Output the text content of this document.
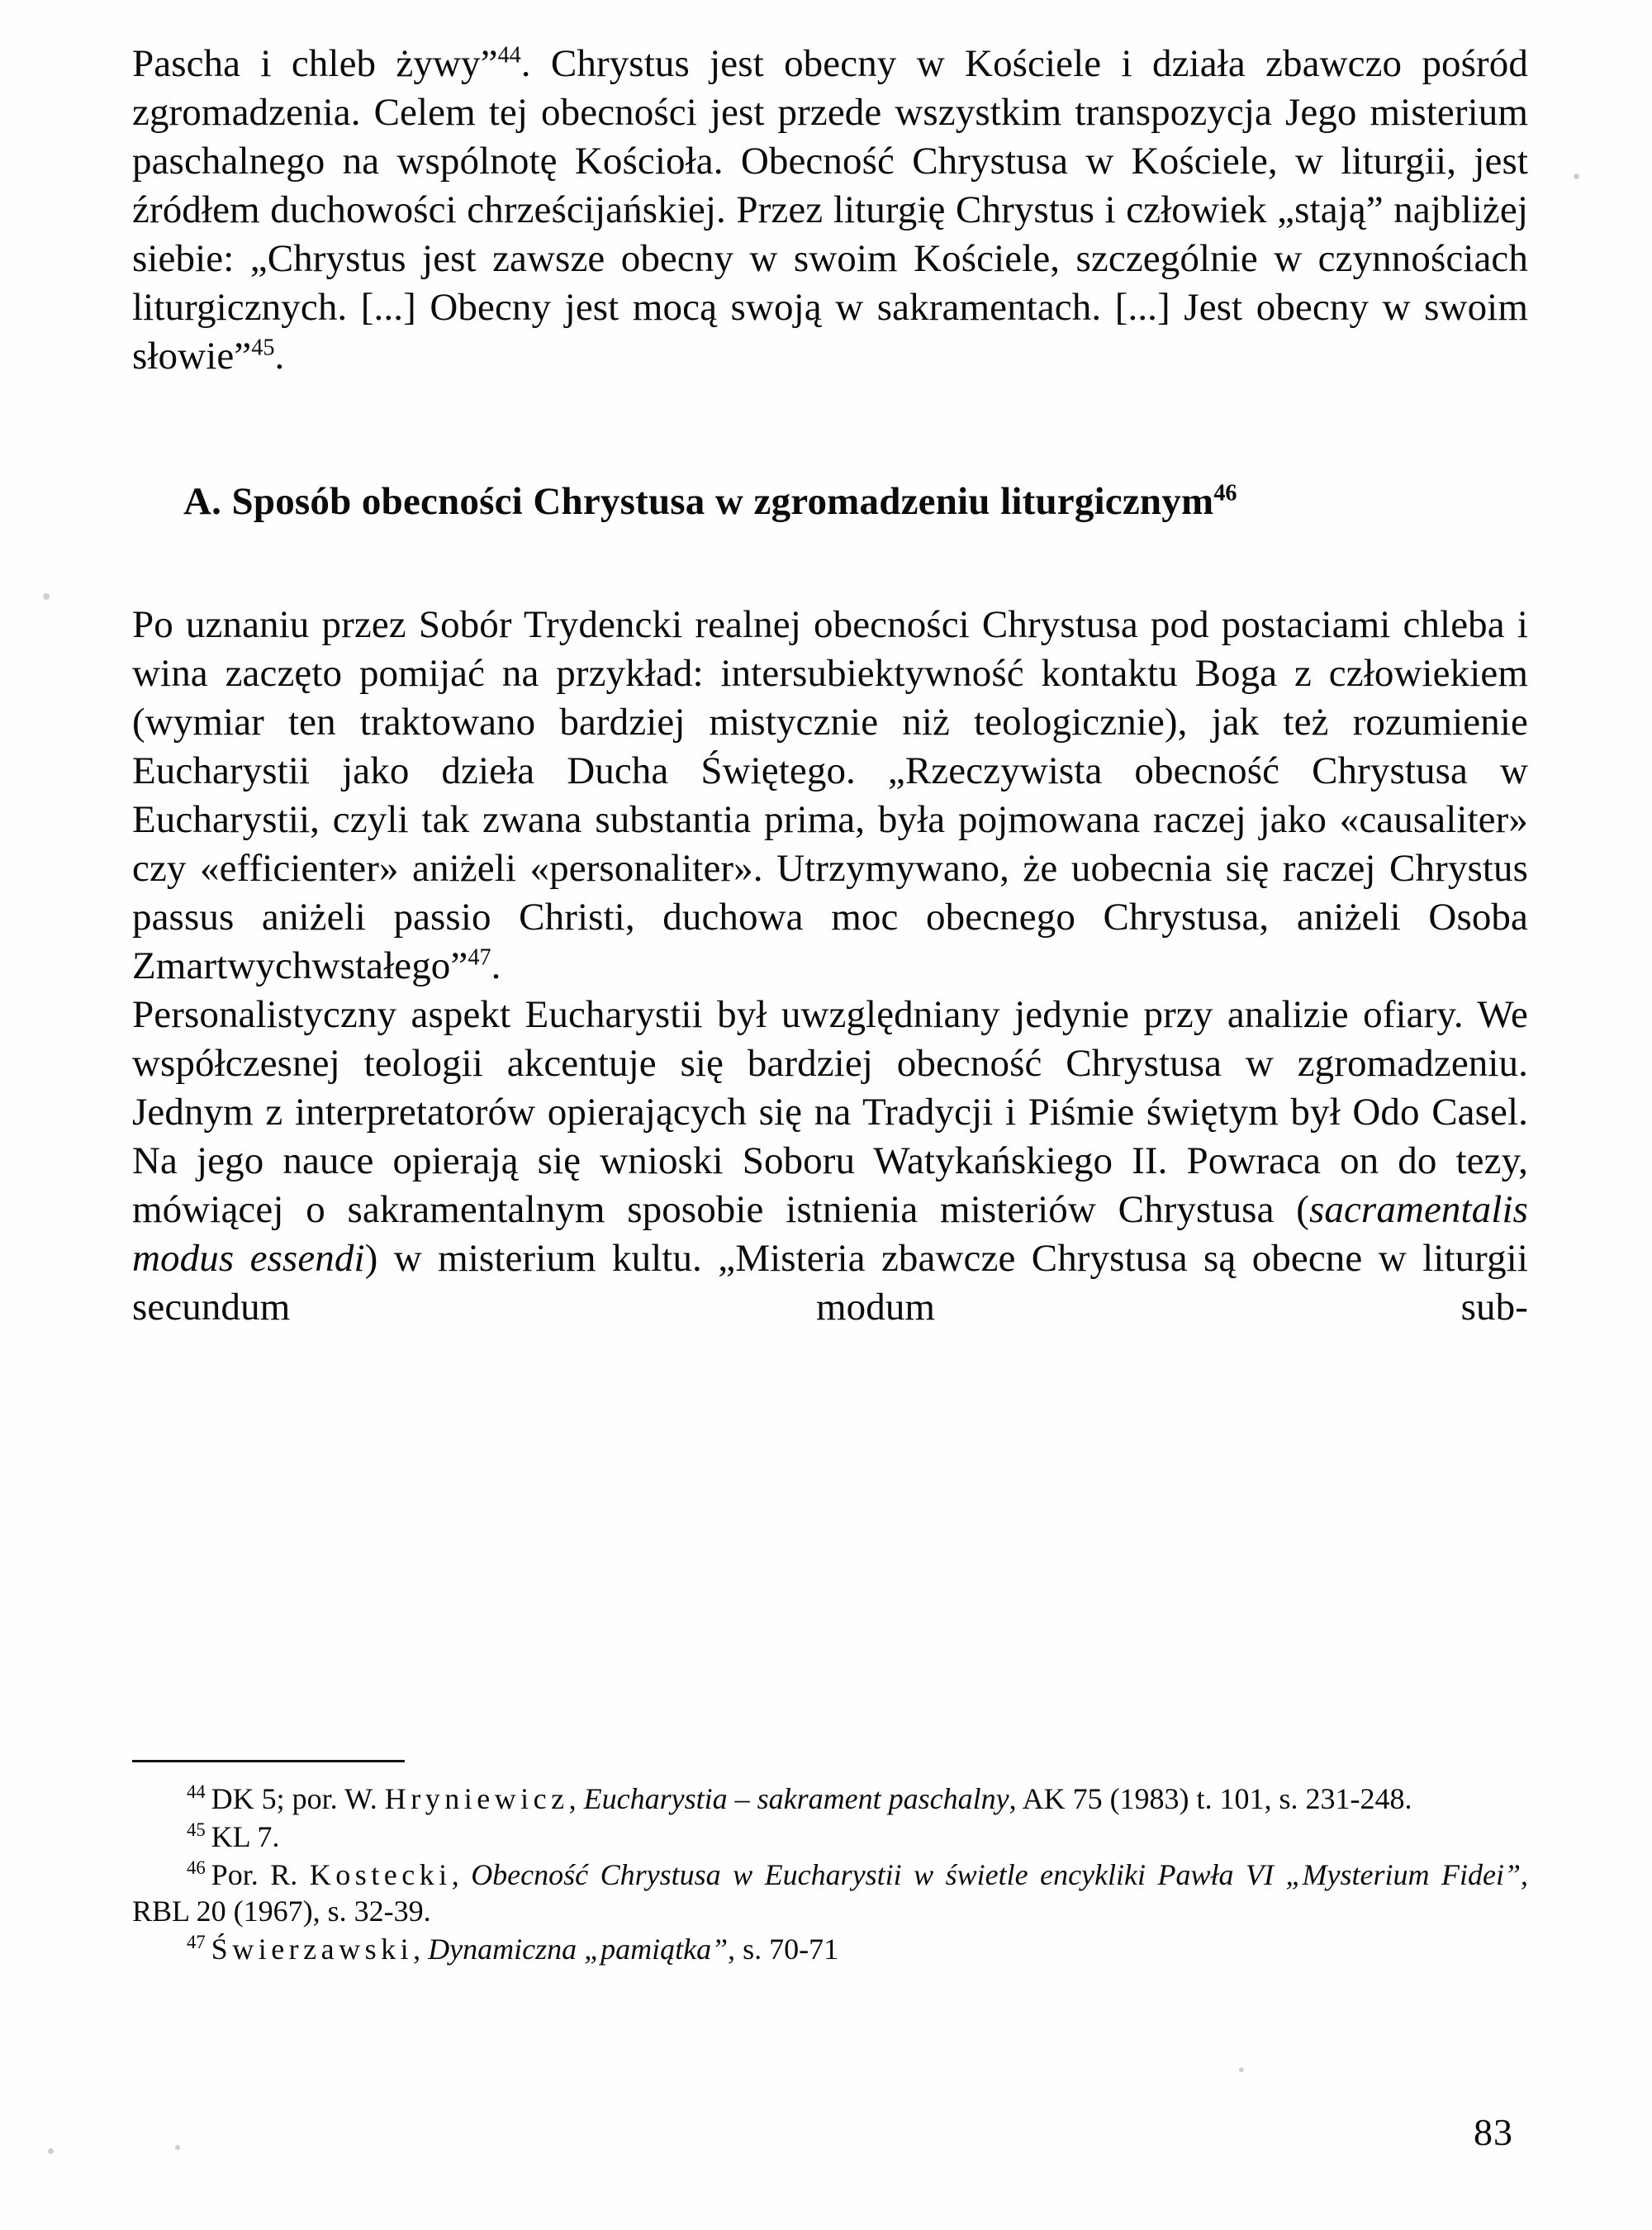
Pascha i chleb żywy”$^{44}$. Chrystus jest obecny w Kościele i działa zbawczo pośród zgromadzenia. Celem tej obecności jest przede wszystkim transpozycja Jego misterium paschalnego na wspólnotę Kościoła. Obecność Chrystusa w Kościele, w liturgii, jest źródłem duchowości chrześcijańskiej. Przez liturgię Chrystus i człowiek „stają” najbliżej siebie: „Chrystus jest zawsze obecny w swoim Kościele, szczególnie w czynnościach liturgicznych. [...] Obecny jest mocą swoją w sakramentach. [...] Jest obecny w swoim słowie”$^{45}$.

A. Sposób obecności Chrystusa w zgromadzeniu liturgicznym$^{46}$

Po uznaniu przez Sobór Trydencki realnej obecności Chrystusa pod postaciami chleba i wina zaczęto pomijać na przykład: intersubiektywność kontaktu Boga z człowiekiem (wymiar ten traktowano bardziej mistycznie niż teologicznie), jak też rozumienie Eucharystii jako dzieła Ducha Świętego. „Rzeczywista obecność Chrystusa w Eucharystii, czyli tak zwana substantia prima, była pojmowana raczej jako «causaliter» czy «efficienter» aniżeli «personaliter». Utrzymywano, że uobecnia się raczej Chrystus passus aniżeli passio Christi, duchowa moc obecnego Chrystusa, aniżeli Osoba Zmartwychwstałego”$^{47}$.

Personalistyczny aspekt Eucharystii był uwzględniany jedynie przy analizie ofiary. We współczesnej teologii akcentuje się bardziej obecność Chrystusa w zgromadzeniu. Jednym z interpretatorów opierających się na Tradycji i Piśmie świętym był Odo Casel. Na jego nauce opierają się wnioski Soboru Watykańskiego II. Powraca on do tezy, mówiącej o sakramentalnym sposobie istnienia misteriów Chrystusa (sacramentalis modus essendi) w misterium kultu. „Misteria zbawcze Chrystusa są obecne w liturgii secundum modum sub-

$^{44}$ DK 5; por. W. Hryniewicz, Eucharystia – sakrament paschalny, AK 75 (1983) t. 101, s. 231-248.

$^{45}$ KL 7.

$^{46}$ Por. R. Kostecki, Obecność Chrystusa w Eucharystii w świetle encykliki Pawła VI „Mysterium Fidei”, RBL 20 (1967), s. 32-39.

$^{47}$ Świerzawski, Dynamiczna „pamiątka”, s. 70-71

83
